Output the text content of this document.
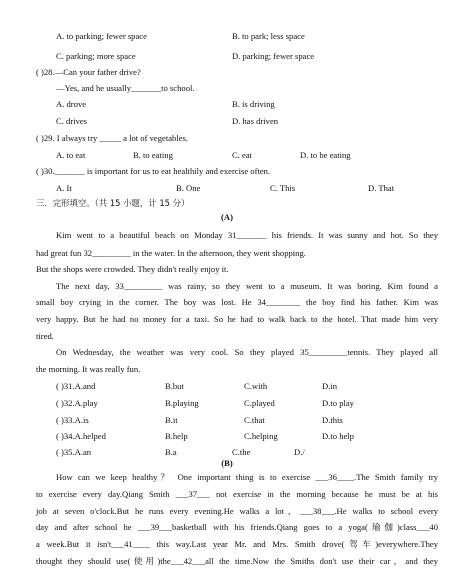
A. to parking; fewer space	B. to park; less space
C. parking; more space	D. parking; fewer space
( )28.—Can your father drive?
—Yes, and he usually_______to school.
A. drove	B. is driving
C. drives	D. has driven
( )29. I always try _____ a lot of vegetables.
A. to eat	B. to eating	C. eat	D. to be eating
( )30._______ is important for us to eat healthily and exercise often.
A. It	B. One	C. This	D. That
三．完形填空。（共 15 小题，计 15 分）
(A)
Kim went to a beautiful beach on Monday 31_______ his friends. It was sunny and hot. So they
had great fun 32_________ in the water. In the afternoon, they went shopping.
But the shops were crowded. They didn't really enjoy it.
The next day, 33_________ was rainy, so they went to a museum. It was boring. Kim found a
small boy crying in the corner. The boy was lost. He 34________ the boy find his father. Kim was
very happy. But he had no money for a taxi. So he had to walk back to the hotel. That made him very
tired.
On Wednesday, the weather was very cool. So they played 35_________tennis. They played all
the morning. It was really fun.
( )31.A.and	B.but	C.with	D.in
( )32.A.play	B.playing	C.played	D.to play
( )33.A.is	B.it	C.that	D.this
( )34.A.helped	B.help	C.helping	D.to help
( )35.A.an	B.a	C.the	D./
(B)
How can we keep healthy？ One important thing is to exercise ___36____.The Smith family try
to exercise every day.Qiang Smith ___37___ not exercise in the morning because he must be at his
job at seven o'clock.But he runs every evening.He walks a lot，___38___.He walks to school every
day and after school he ___39___basketball with his friends.Qiang goes to a yoga(瑜伽)class___40
a week.But it isn't___41____ this way.Last year Mr. and Mrs. Smith drove(驾车)everywhere.They
thought they should use(使用)the___42___all the time.Now the Smiths don't use their car，and they
